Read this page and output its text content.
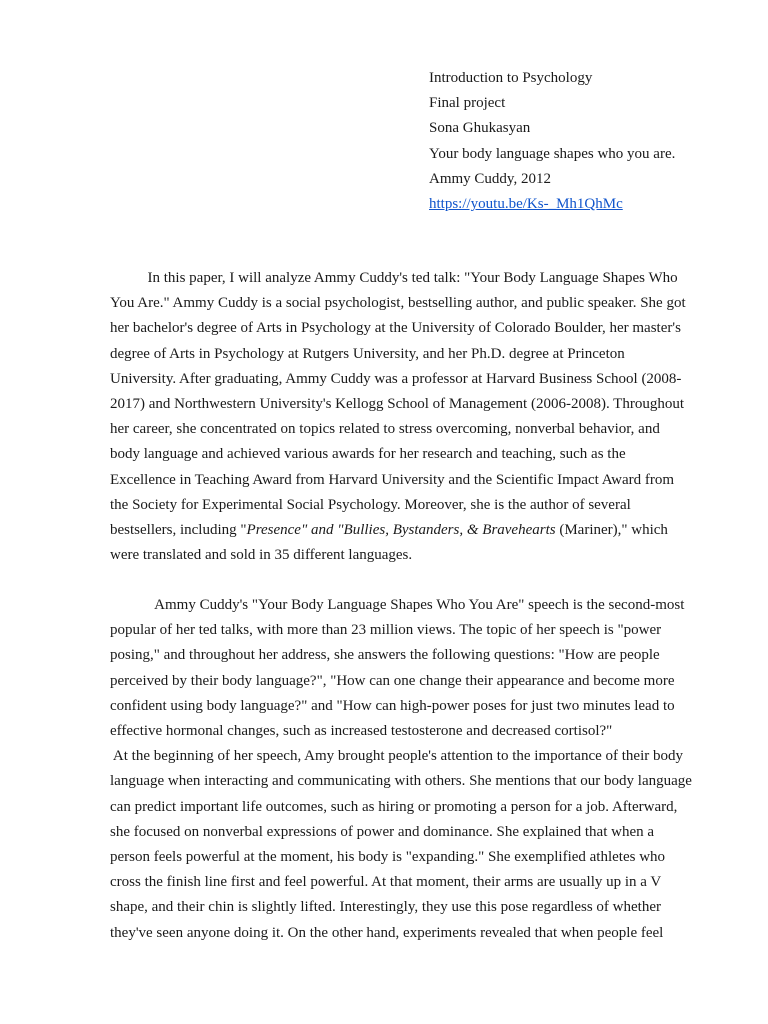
Introduction to Psychology
Final project
Sona Ghukasyan
Your body language shapes who you are.
Ammy Cuddy, 2012
https://youtu.be/Ks-_Mh1QhMc
In this paper, I will analyze Ammy Cuddy's ted talk: "Your Body Language Shapes Who
You Are." Ammy Cuddy is a social psychologist, bestselling author, and public speaker. She got
her bachelor's degree of Arts in Psychology at the University of Colorado Boulder, her master's
degree of Arts in Psychology at Rutgers University, and her Ph.D. degree at Princeton
University. After graduating, Ammy Cuddy was a professor at Harvard Business School (2008-
2017) and Northwestern University's Kellogg School of Management (2006-2008). Throughout
her career, she concentrated on topics related to stress overcoming, nonverbal behavior, and
body language and achieved various awards for her research and teaching, such as the
Excellence in Teaching Award from Harvard University and the Scientific Impact Award from
the Society for Experimental Social Psychology. Moreover, she is the author of several
bestsellers, including "Presence" and "Bullies, Bystanders, & Bravehearts (Mariner)," which
were translated and sold in 35 different languages.
Ammy Cuddy's "Your Body Language Shapes Who You Are" speech is the second-most
popular of her ted talks, with more than 23 million views. The topic of her speech is "power
posing," and throughout her address, she answers the following questions: "How are people
perceived by their body language?", "How can one change their appearance and become more
confident using body language?" and "How can high-power poses for just two minutes lead to
effective hormonal changes, such as increased testosterone and decreased cortisol?"
At the beginning of her speech, Amy brought people's attention to the importance of their body
language when interacting and communicating with others. She mentions that our body language
can predict important life outcomes, such as hiring or promoting a person for a job. Afterward,
she focused on nonverbal expressions of power and dominance. She explained that when a
person feels powerful at the moment, his body is "expanding." She exemplified athletes who
cross the finish line first and feel powerful. At that moment, their arms are usually up in a V
shape, and their chin is slightly lifted. Interestingly, they use this pose regardless of whether
they've seen anyone doing it. On the other hand, experiments revealed that when people feel
